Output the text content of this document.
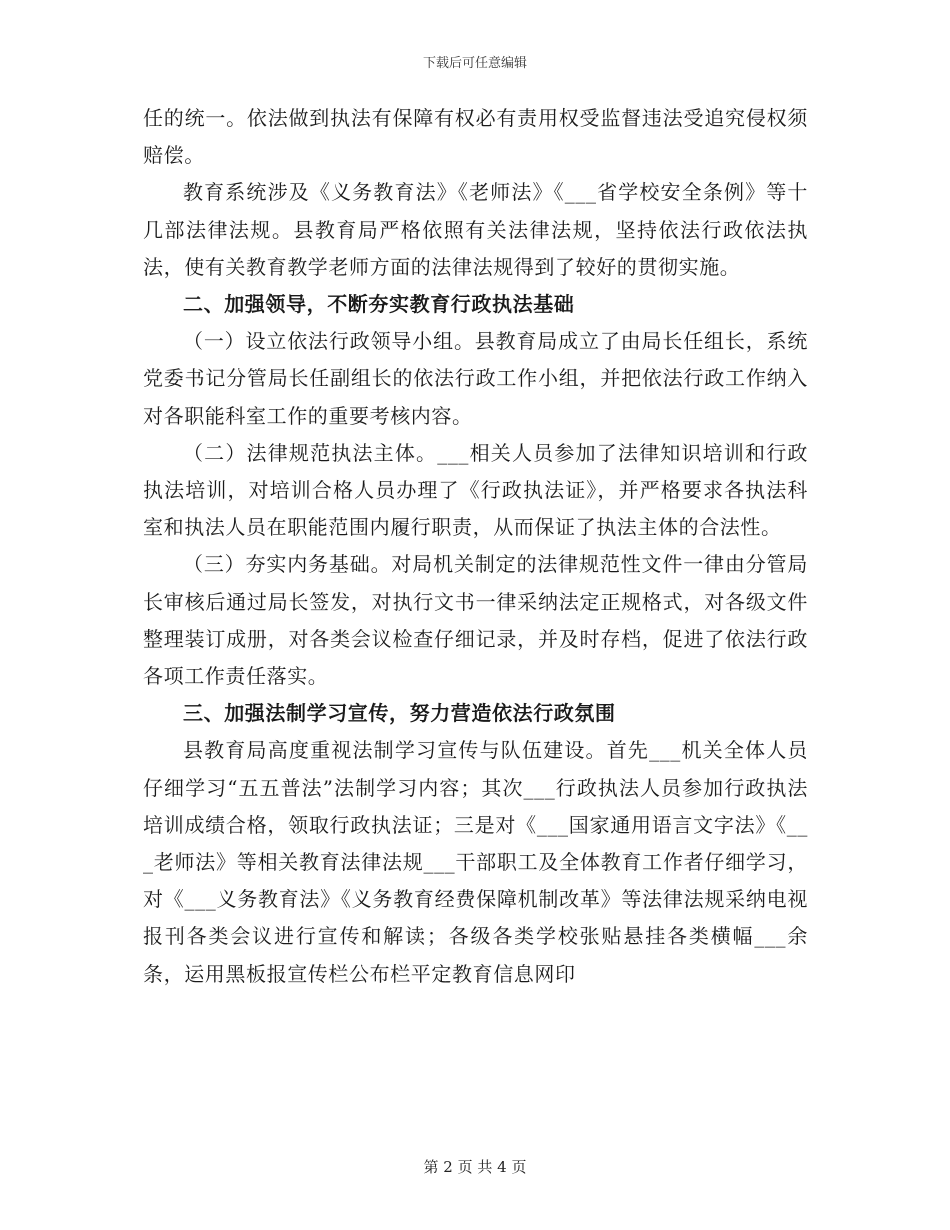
下载后可任意编辑

任的统一。依法做到执法有保障有权必有责用权受监督违法受追究侵权须赔偿。

教育系统涉及《义务教育法》《老师法》《___省学校安全条例》等十几部法律法规。县教育局严格依照有关法律法规，坚持依法行政依法执法，使有关教育教学老师方面的法律法规得到了较好的贯彻实施。

二、加强领导，不断夯实教育行政执法基础

（一）设立依法行政领导小组。县教育局成立了由局长任组长，系统党委书记分管局长任副组长的依法行政工作小组，并把依法行政工作纳入对各职能科室工作的重要考核内容。

（二）法律规范执法主体。___相关人员参加了法律知识培训和行政执法培训，对培训合格人员办理了《行政执法证》，并严格要求各执法科室和执法人员在职能范围内履行职责，从而保证了执法主体的合法性。

（三）夯实内务基础。对局机关制定的法律规范性文件一律由分管局长审核后通过局长签发，对执行文书一律采纳法定正规格式，对各级文件整理装订成册，对各类会议检查仔细记录，并及时存档，促进了依法行政各项工作责任落实。

三、加强法制学习宣传，努力营造依法行政氛围

县教育局高度重视法制学习宣传与队伍建设。首先___机关全体人员仔细学习“五五普法”法制学习内容；其次___行政执法人员参加行政执法培训成绩合格，领取行政执法证；三是对《___国家通用语言文字法》《___老师法》等相关教育法律法规___干部职工及全体教育工作者仔细学习，对《___义务教育法》《义务教育经费保障机制改革》等法律法规采纳电视报刊各类会议进行宣传和解读；各级各类学校张贴悬挂各类横幅___余条，运用黑板报宣传栏公布栏平定教育信息网印

第 2 页 共 4 页
